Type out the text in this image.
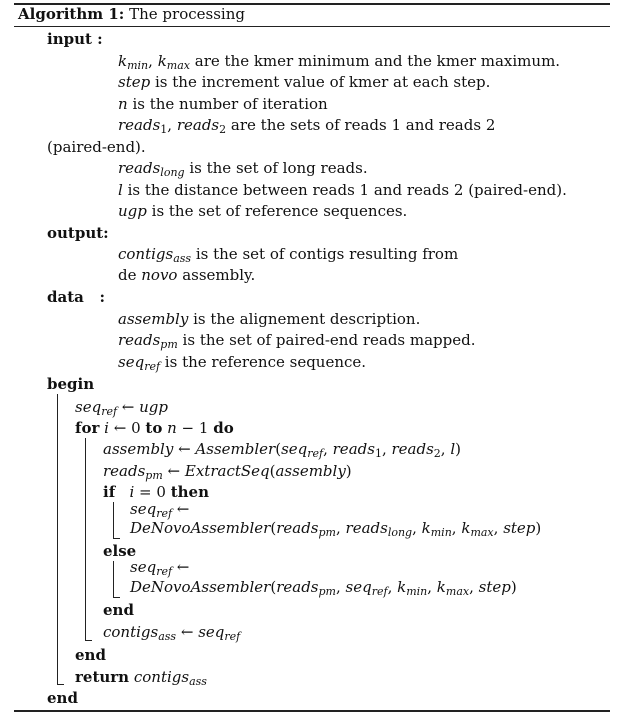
Algorithm 1: The processing
input :
$k_{min}$, $k_{max}$ are the kmer minimum and the kmer maximum.
step is the increment value of kmer at each step.
n is the number of iteration
reads$_1$, reads$_2$ are the sets of reads 1 and reads 2
(paired-end).
reads$_{long}$ is the set of long reads.
l is the distance between reads 1 and reads 2 (paired-end).
ugp is the set of reference sequences.
output:
contigs$_{ass}$ is the set of contigs resulting from
de novo assembly.
data   :
assembly is the alignement description.
reads$_{pm}$ is the set of paired-end reads mapped.
seq$_{ref}$ is the reference sequence.
begin
seq$_{ref}$ ← ugp
for i ← 0 to n − 1 do
assembly ← Assembler(seq$_{ref}$, reads$_1$, reads$_2$, l)
reads$_{pm}$ ← ExtractSeq(assembly)
if i = 0 then
seq$_{ref}$ ←
DeNovoAssembler(reads$_{pm}$, reads$_{long}$, $k_{min}$, $k_{max}$, step)
else
seq$_{ref}$ ←
DeNovoAssembler(reads$_{pm}$, seq$_{ref}$, $k_{min}$, $k_{max}$, step)
end
contigs$_{ass}$ ← seq$_{ref}$
end
return contigs$_{ass}$
end
